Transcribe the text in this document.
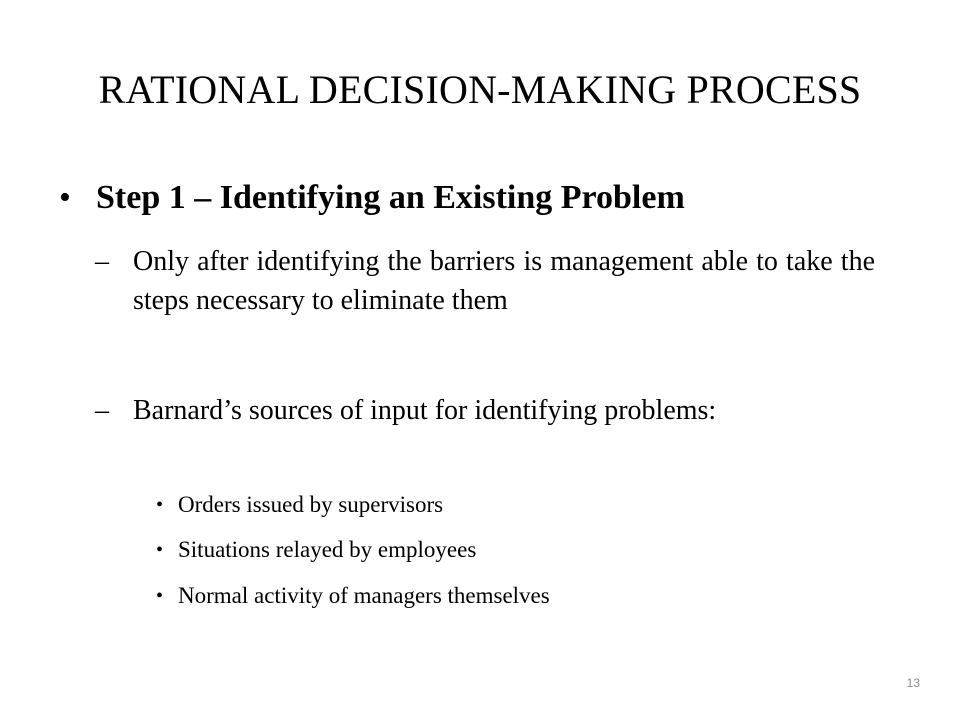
RATIONAL DECISION-MAKING PROCESS
• Step 1 – Identifying an Existing Problem
– Only after identifying the barriers is management able to take the steps necessary to eliminate them
– Barnard’s sources of input for identifying problems:
• Orders issued by supervisors
• Situations relayed by employees
• Normal activity of managers themselves
13
